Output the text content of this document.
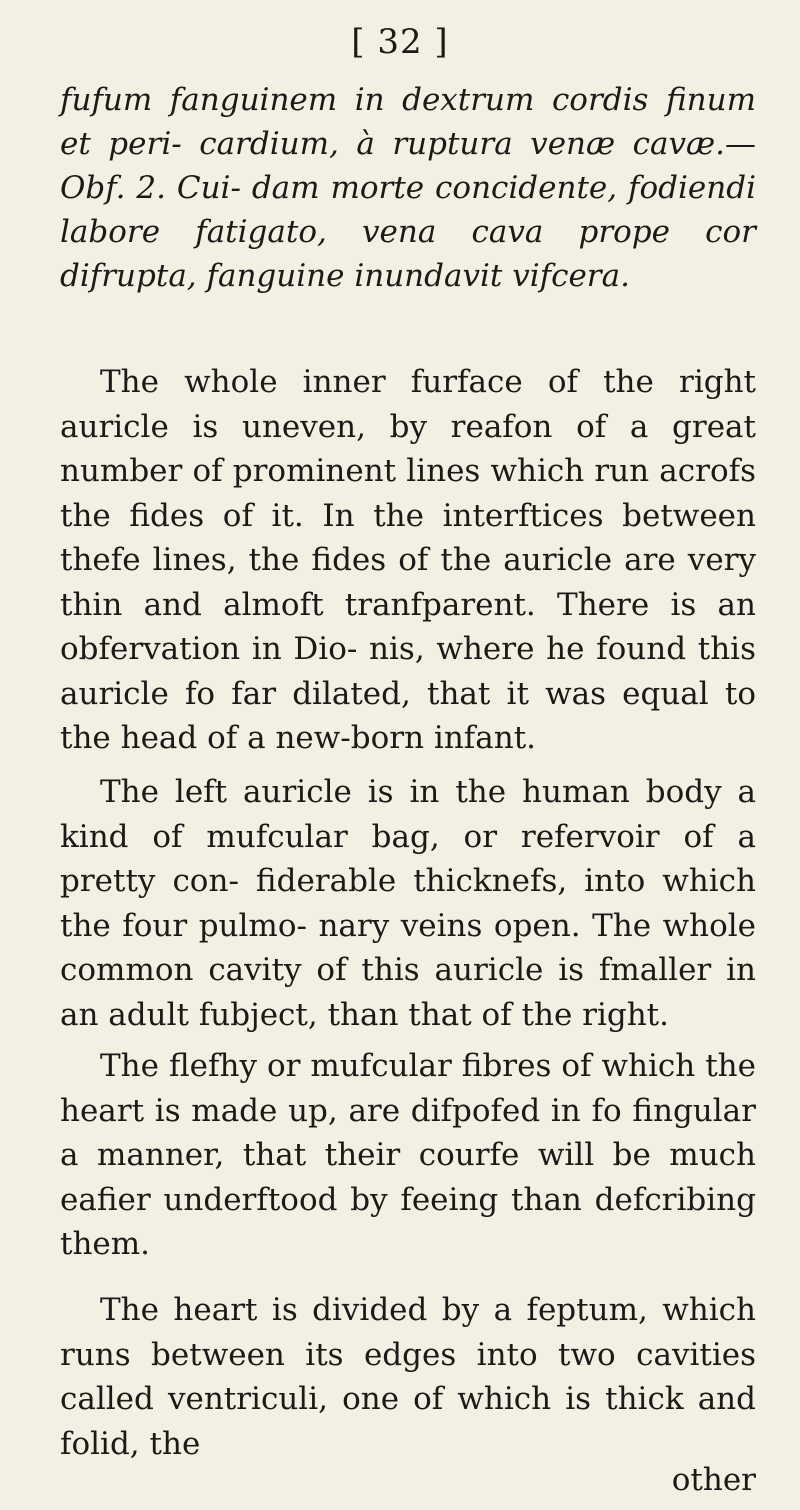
[ 32 ]

fufum fanguinem in dextrum cordis finum et peri- cardium, à ruptura venæ cavæ.—Obf. 2. Cui- dam morte concidente, fodiendi labore fatigato, vena cava prope cor difrupta, fanguine inundavit vifcera.

The whole inner furface of the right auricle is uneven, by reafon of a great number of prominent lines which run acrofs the fides of it. In the interftices between thefe lines, the fides of the auricle are very thin and almoft tranfparent. There is an obfervation in Dio- nis, where he found this auricle fo far dilated, that it was equal to the head of a new-born infant.

The left auricle is in the human body a kind of mufcular bag, or refervoir of a pretty con- fiderable thicknefs, into which the four pulmo- nary veins open. The whole common cavity of this auricle is fmaller in an adult fubject, than that of the right.

The flefhy or mufcular fibres of which the heart is made up, are difpofed in fo fingular a manner, that their courfe will be much eafier underftood by feeing than defcribing them.

The heart is divided by a feptum, which runs between its edges into two cavities called ventriculi, one of which is thick and folid, the

other
